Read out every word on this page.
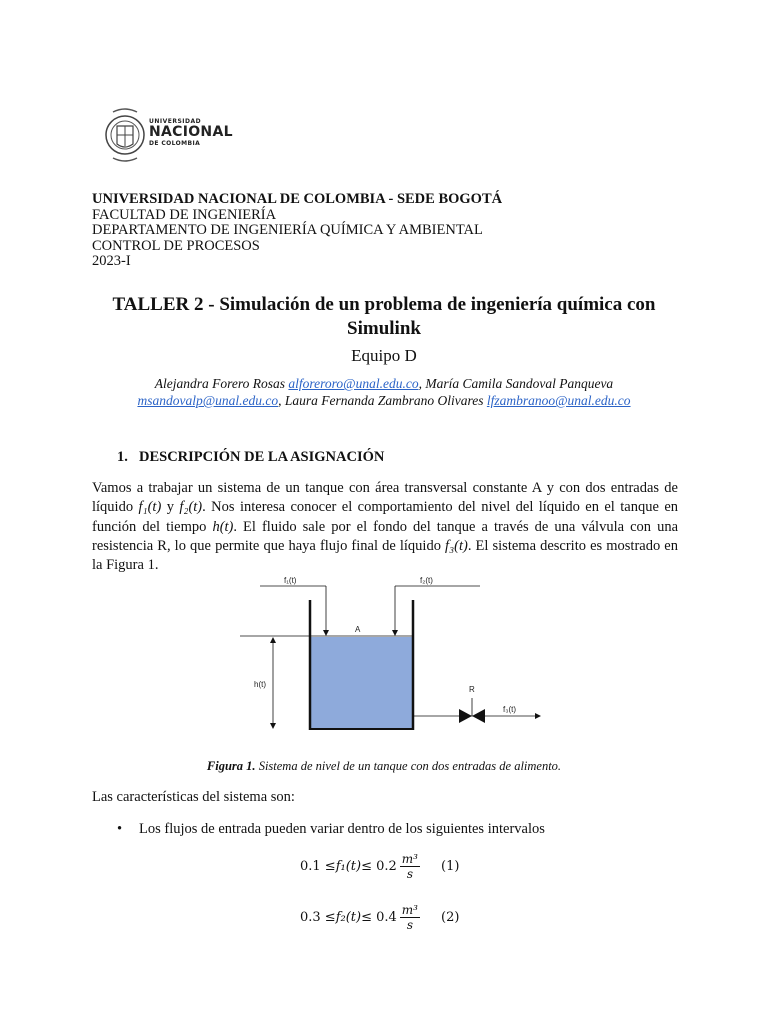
UNIVERSIDAD
NACIONAL
DE COLOMBIA
UNIVERSIDAD NACIONAL DE COLOMBIA - SEDE BOGOTÁ
FACULTAD DE INGENIERÍA
DEPARTAMENTO DE INGENIERÍA QUÍMICA Y AMBIENTAL
CONTROL DE PROCESOS
2023-I
TALLER 2 - Simulación de un problema de ingeniería química con Simulink
Equipo D
Alejandra Forero Rosas alforeroro@unal.edu.co, María Camila Sandoval Panqueva
msandovalp@unal.edu.co, Laura Fernanda Zambrano Olivares lfzambranoo@unal.edu.co
1. DESCRIPCIÓN DE LA ASIGNACIÓN
Vamos a trabajar un sistema de un tanque con área transversal constante A y con dos entradas de líquido f₁(t) y f₂(t). Nos interesa conocer el comportamiento del nivel del líquido en el tanque en función del tiempo h(t). El fluido sale por el fondo del tanque a través de una válvula con una resistencia R, lo que permite que haya flujo final de líquido f₃(t). El sistema descrito es mostrado en la Figura 1.
f₁(t)	f₂(t)
A
h(t)
R
f₃(t)
Figura 1. Sistema de nivel de un tanque con dos entradas de alimento.
Las características del sistema son:
• Los flujos de entrada pueden variar dentro de los siguientes intervalos
$0.1 \le f_1(t) \le 0.2 \frac{\text{m³}}{s} (1)$
$0.3 \le f_2(t) \le 0.4 \frac{\text{m³}}{s} (2)$
